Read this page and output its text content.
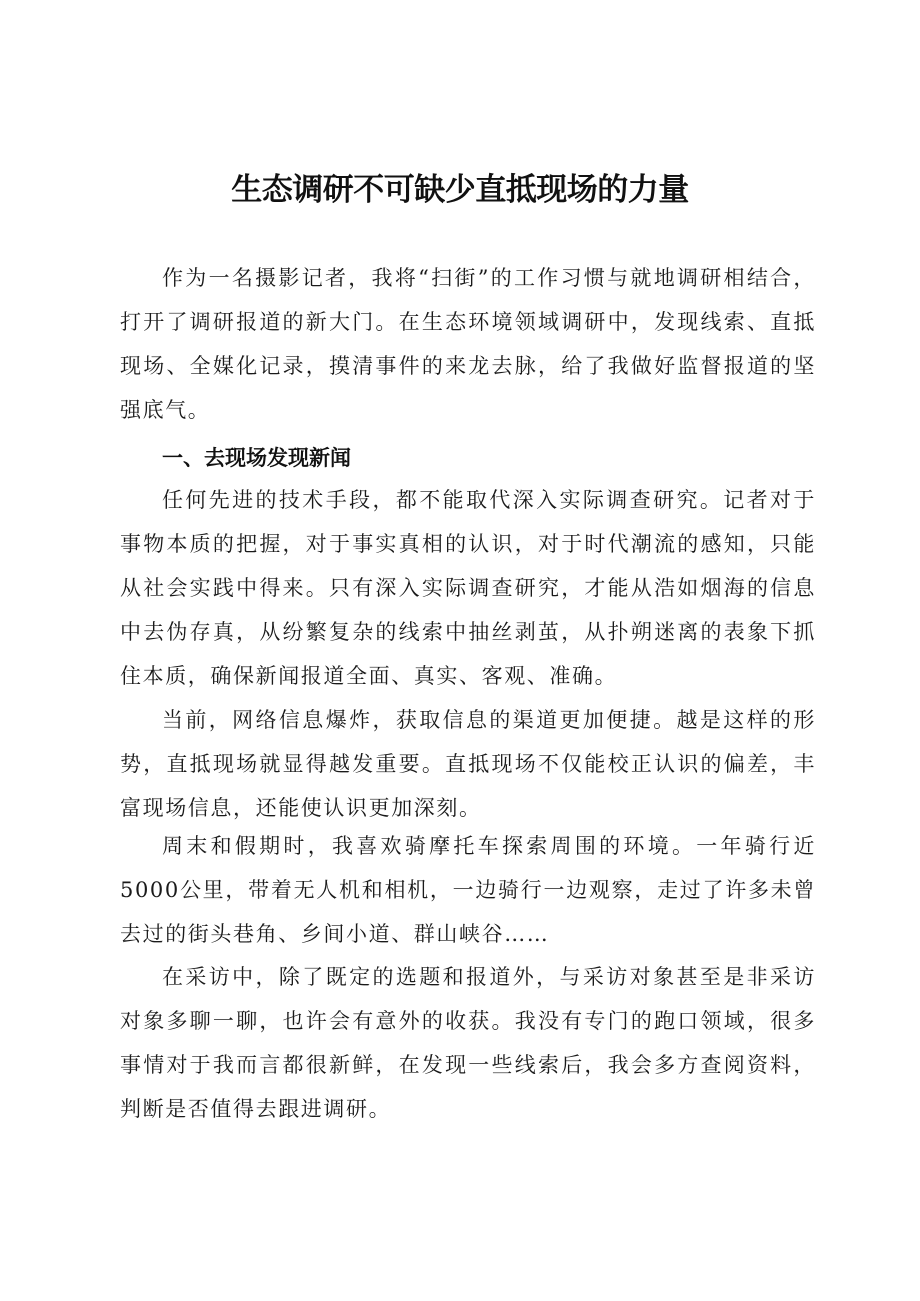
生态调研不可缺少直抵现场的力量

作为一名摄影记者，我将“扫街”的工作习惯与就地调研相结合，打开了调研报道的新大门。在生态环境领域调研中，发现线索、直抵现场、全媒化记录，摸清事件的来龙去脉，给了我做好监督报道的坚强底气。

一、去现场发现新闻

任何先进的技术手段，都不能取代深入实际调查研究。记者对于事物本质的把握，对于事实真相的认识，对于时代潮流的感知，只能从社会实践中得来。只有深入实际调查研究，才能从浩如烟海的信息中去伪存真，从纷繁复杂的线索中抽丝剥茧，从扑朔迷离的表象下抓住本质，确保新闻报道全面、真实、客观、准确。

当前，网络信息爆炸，获取信息的渠道更加便捷。越是这样的形势，直抵现场就显得越发重要。直抵现场不仅能校正认识的偏差，丰富现场信息，还能使认识更加深刻。

周末和假期时，我喜欢骑摩托车探索周围的环境。一年骑行近5000公里，带着无人机和相机，一边骑行一边观察，走过了许多未曾去过的街头巷角、乡间小道、群山峡谷……

在采访中，除了既定的选题和报道外，与采访对象甚至是非采访对象多聊一聊，也许会有意外的收获。我没有专门的跑口领域，很多事情对于我而言都很新鲜，在发现一些线索后，我会多方查阅资料，判断是否值得去跟进调研。
